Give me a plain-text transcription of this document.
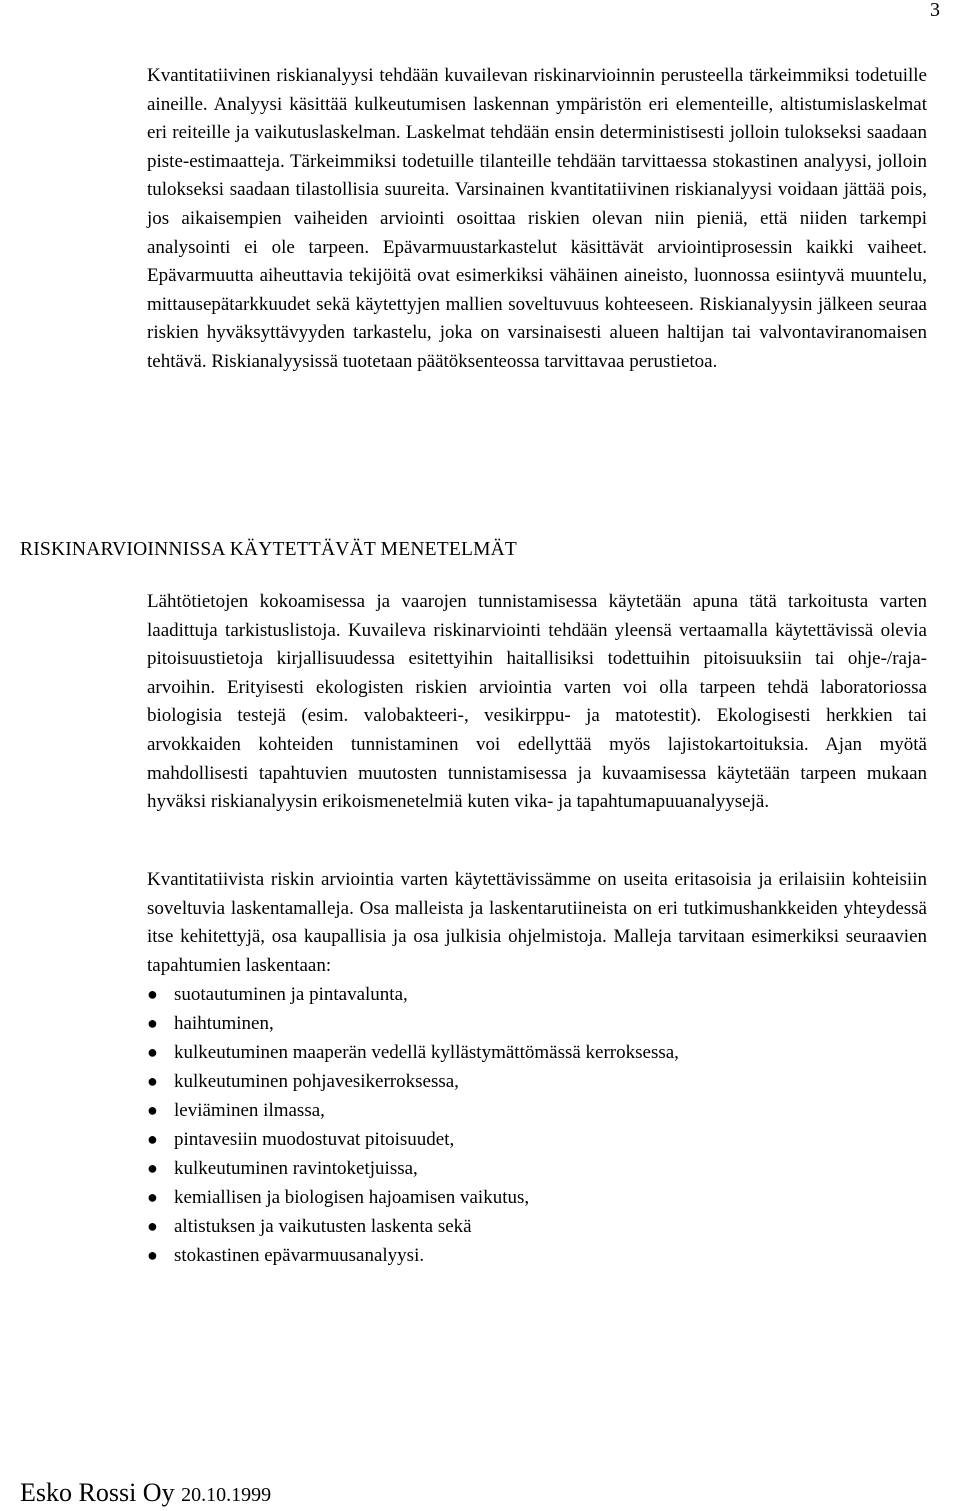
3

Kvantitatiivinen riskianalyysi tehdään kuvailevan riskinarvioinnin perusteella tärkeimmiksi todetuille aineille. Analyysi käsittää kulkeutumisen laskennan ympäristön eri elementeille, altistumislaskelmat eri reiteille ja vaikutuslaskelman. Laskelmat tehdään ensin deterministisesti jolloin tulokseksi saadaan piste-estimaatteja. Tärkeimmiksi todetuille tilanteille tehdään tarvittaessa stokastinen analyysi, jolloin tulokseksi saadaan tilastollisia suureita. Varsinainen kvantitatiivinen riskianalyysi voidaan jättää pois, jos aikaisempien vaiheiden arviointi osoittaa riskien olevan niin pieniä, että niiden tarkempi analysointi ei ole tarpeen. Epävarmuustarkastelut käsittävät arviointiprosessin kaikki vaiheet. Epävarmuutta aiheuttavia tekijöitä ovat esimerkiksi vähäinen aineisto, luonnossa esiintyvä muuntelu, mittausepätarkkuudet sekä käytettyjen mallien soveltuvuus kohteeseen. Riskianalyysin jälkeen seuraa riskien hyväksyttävyyden tarkastelu, joka on varsinaisesti alueen haltijan tai valvontaviranomaisen tehtävä. Riskianalyysissä tuotetaan päätöksenteossa tarvittavaa perustietoa.

RISKINARVIOINNISSA KÄYTETTÄVÄT MENETELMÄT

Lähtötietojen kokoamisessa ja vaarojen tunnistamisessa käytetään apuna tätä tarkoitusta varten laadittuja tarkistuslistoja. Kuvaileva riskinarviointi tehdään yleensä vertaamalla käytettävissä olevia pitoisuustietoja kirjallisuudessa esitettyihin haitallisiksi todettuihin pitoisuuksiin tai ohje-/raja-arvoihin. Erityisesti ekologisten riskien arviointia varten voi olla tarpeen tehdä laboratoriossa biologisia testejä (esim. valobakteeri-, vesikirppu- ja matotestit). Ekologisesti herkkien tai arvokkaiden kohteiden tunnistaminen voi edellyttää myös lajistokartoituksia. Ajan myötä mahdollisesti tapahtuvien muutosten tunnistamisessa ja kuvaamisessa käytetään tarpeen mukaan hyväksi riskianalyysin erikoismenetelmiä kuten vika- ja tapahtumapuuanalyysejä.

Kvantitatiivista riskin arviointia varten käytettävissämme on useita eritasoisia ja erilaisiin kohteisiin soveltuvia laskentamalleja. Osa malleista ja laskentarutiineista on eri tutkimushankkeiden yhteydessä itse kehitettyjä, osa kaupallisia ja osa julkisia ohjelmistoja. Malleja tarvitaan esimerkiksi seuraavien tapahtumien laskentaan:

● suotautuminen ja pintavalunta,
● haihtuminen,
● kulkeutuminen maaperän vedellä kyllästymättömässä kerroksessa,
● kulkeutuminen pohjavesikerroksessa,
● leviäminen ilmassa,
● pintavesiin muodostuvat pitoisuudet,
● kulkeutuminen ravintoketjuissa,
● kemiallisen ja biologisen hajoamisen vaikutus,
● altistuksen ja vaikutusten laskenta sekä
● stokastinen epävarmuusanalyysi.
Esko Rossi Oy 20.10.1999
